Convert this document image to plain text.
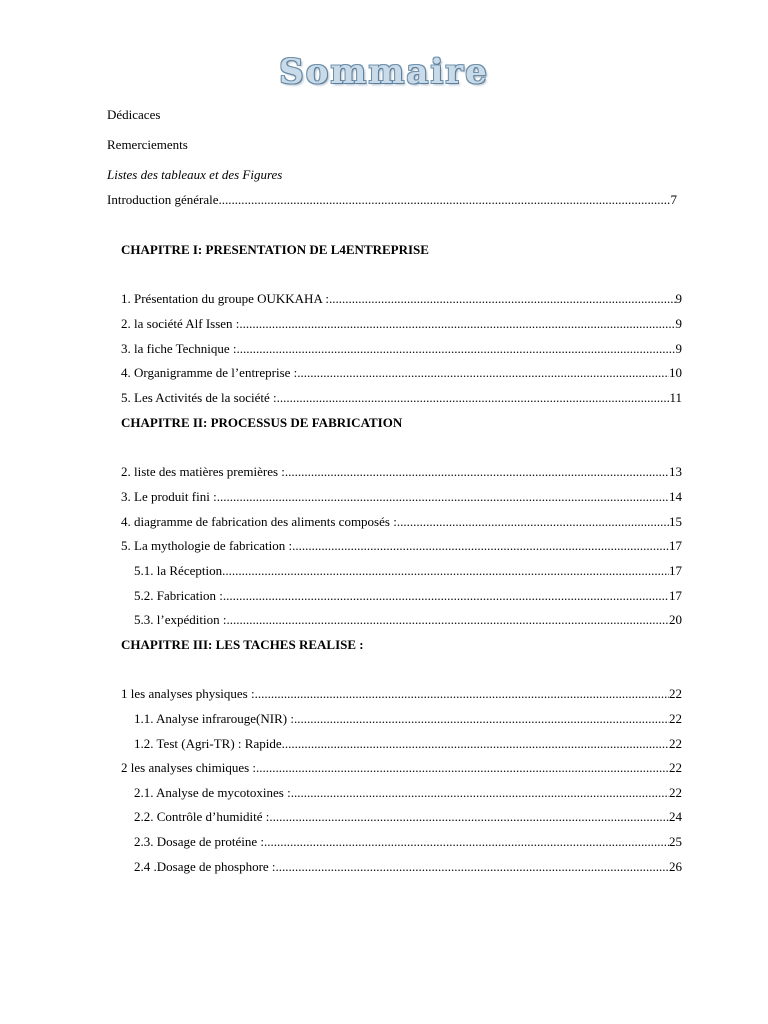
Sommaire
Dédicaces
Remerciements
Listes des tableaux et des Figures
Introduction générale .....	7
CHAPITRE I: PRESENTATION DE L4ENTREPRISE
1. Présentation du groupe OUKKAHA : .....	9
2. la société Alf Issen : .....	9
3. la fiche Technique : .....	9
4. Organigramme de l’entreprise : .....	10
5. Les Activités de la société : .....	11
CHAPITRE II: PROCESSUS DE FABRICATION
2. liste des matières premières : .....	13
3. Le produit fini : .....	14
4. diagramme de fabrication des aliments composés : .....	15
5. La mythologie de fabrication : .....	17
5.1. la Réception .....	17
5.2. Fabrication : .....	17
5.3. l’expédition : .....	20
CHAPITRE III: LES TACHES REALISE :
1 les analyses physiques : .....	22
1.1. Analyse infrarouge(NIR) : .....	22
1.2. Test (Agri-TR) : Rapide .....	22
2 les analyses chimiques : .....	22
2.1. Analyse de mycotoxines : .....	22
2.2. Contrôle d’humidité : .....	24
2.3. Dosage de protéine : .....	25
2.4 .Dosage de phosphore : .....	26
